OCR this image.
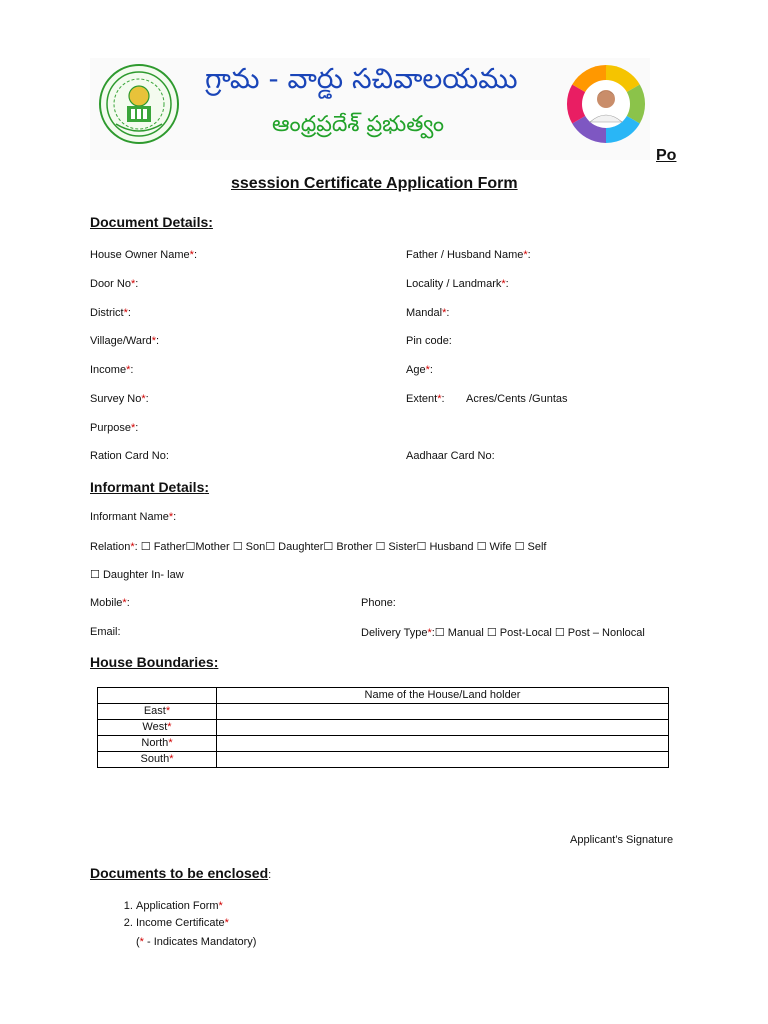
గ్రామ - వార్డు సచివాలయము
ఆంధ్రప్రదేశ్ ప్రభుత్వం
Po
ssession Certificate Application Form
Document Details:
House Owner Name*:	Father / Husband Name*:
Door No*:	Locality / Landmark*:
District*:	Mandal*:
Village/Ward*:	Pin code:
Income*:	Age*:
Survey No*:	Extent*: Acres/Cents /Guntas
Purpose*:
Ration Card No:	Aadhaar Card No:
Informant Details:
Informant Name*:
Relation*: ☐ Father☐Mother ☐ Son☐ Daughter☐ Brother ☐ Sister☐ Husband ☐ Wife ☐ Self
☐ Daughter In- law
Mobile*:	Phone:
Email:	Delivery Type*:☐ Manual ☐ Post-Local ☐ Post – Nonlocal
House Boundaries:
	Name of the House/Land holder
East*	
West*	
North*	
South*	
Applicant’s Signature
Documents to be enclosed:
1. Application Form*
2. Income Certificate*
(* - Indicates Mandatory)
